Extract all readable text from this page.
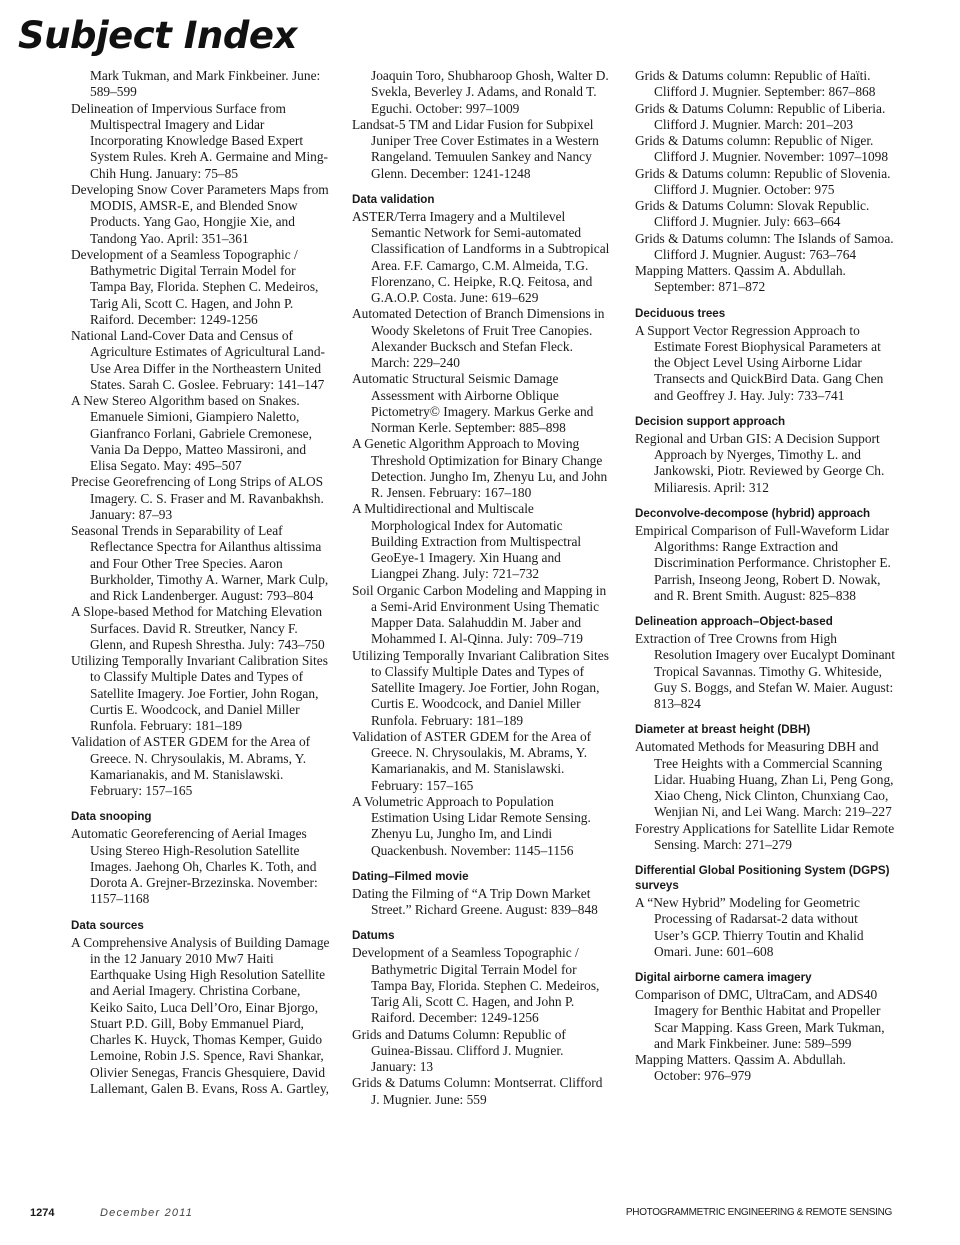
Subject Index

Mark Tukman, and Mark Finkbeiner. June: 589–599

Delineation of Impervious Surface from Multispectral Imagery and Lidar Incorporating Knowledge Based Expert System Rules. Kreh A. Germaine and Ming-Chih Hung. January: 75–85

Developing Snow Cover Parameters Maps from MODIS, AMSR-E, and Blended Snow Products. Yang Gao, Hongjie Xie, and Tandong Yao. April: 351–361

Development of a Seamless Topographic / Bathymetric Digital Terrain Model for Tampa Bay, Florida. Stephen C. Medeiros, Tarig Ali, Scott C. Hagen, and John P. Raiford. December: 1249-1256

National Land-Cover Data and Census of Agriculture Estimates of Agricultural Land-Use Area Differ in the Northeastern United States. Sarah C. Goslee. February: 141–147

A New Stereo Algorithm based on Snakes. Emanuele Simioni, Giampiero Naletto, Gianfranco Forlani, Gabriele Cremonese, Vania Da Deppo, Matteo Massironi, and Elisa Segato. May: 495–507

Precise Georefrencing of Long Strips of ALOS Imagery. C. S. Fraser and M. Ravanbakhsh. January: 87–93

Seasonal Trends in Separability of Leaf Reflectance Spectra for Ailanthus altissima and Four Other Tree Species. Aaron Burkholder, Timothy A. Warner, Mark Culp, and Rick Landenberger. August: 793–804

A Slope-based Method for Matching Elevation Surfaces. David R. Streutker, Nancy F. Glenn, and Rupesh Shrestha. July: 743–750

Utilizing Temporally Invariant Calibration Sites to Classify Multiple Dates and Types of Satellite Imagery. Joe Fortier, John Rogan, Curtis E. Woodcock, and Daniel Miller Runfola. February: 181–189

Validation of ASTER GDEM for the Area of Greece. N. Chrysoulakis, M. Abrams, Y. Kamarianakis, and M. Stanislawski. February: 157–165

Data snooping

Automatic Georeferencing of Aerial Images Using Stereo High-Resolution Satellite Images. Jaehong Oh, Charles K. Toth, and Dorota A. Grejner-Brzezinska. November: 1157–1168

Data sources

A Comprehensive Analysis of Building Damage in the 12 January 2010 Mw7 Haiti Earthquake Using High Resolution Satellite and Aerial Imagery. Christina Corbane, Keiko Saito, Luca Dell’Oro, Einar Bjorgo, Stuart P.D. Gill, Boby Emmanuel Piard, Charles K. Huyck, Thomas Kemper, Guido Lemoine, Robin J.S. Spence, Ravi Shankar, Olivier Senegas, Francis Ghesquiere, David Lallemant, Galen B. Evans, Ross A. Gartley,

Joaquin Toro, Shubharoop Ghosh, Walter D. Svekla, Beverley J. Adams, and Ronald T. Eguchi. October: 997–1009

Landsat-5 TM and Lidar Fusion for Subpixel Juniper Tree Cover Estimates in a Western Rangeland. Temuulen Sankey and Nancy Glenn. December: 1241-1248

Data validation

ASTER/Terra Imagery and a Multilevel Semantic Network for Semi-automated Classification of Landforms in a Subtropical Area. F.F. Camargo, C.M. Almeida, T.G. Florenzano, C. Heipke, R.Q. Feitosa, and G.A.O.P. Costa. June: 619–629

Automated Detection of Branch Dimensions in Woody Skeletons of Fruit Tree Canopies. Alexander Bucksch and Stefan Fleck. March: 229–240

Automatic Structural Seismic Damage Assessment with Airborne Oblique Pictometry© Imagery. Markus Gerke and Norman Kerle. September: 885–898

A Genetic Algorithm Approach to Moving Threshold Optimization for Binary Change Detection. Jungho Im, Zhenyu Lu, and John R. Jensen. February: 167–180

A Multidirectional and Multiscale Morphological Index for Automatic Building Extraction from Multispectral GeoEye-1 Imagery. Xin Huang and Liangpei Zhang. July: 721–732

Soil Organic Carbon Modeling and Mapping in a Semi-Arid Environment Using Thematic Mapper Data. Salahuddin M. Jaber and Mohammed I. Al-Qinna. July: 709–719

Utilizing Temporally Invariant Calibration Sites to Classify Multiple Dates and Types of Satellite Imagery. Joe Fortier, John Rogan, Curtis E. Woodcock, and Daniel Miller Runfola. February: 181–189

Validation of ASTER GDEM for the Area of Greece. N. Chrysoulakis, M. Abrams, Y. Kamarianakis, and M. Stanislawski. February: 157–165

A Volumetric Approach to Population Estimation Using Lidar Remote Sensing. Zhenyu Lu, Jungho Im, and Lindi Quackenbush. November: 1145–1156

Dating–Filmed movie

Dating the Filming of “A Trip Down Market Street.” Richard Greene. August: 839–848

Datums

Development of a Seamless Topographic / Bathymetric Digital Terrain Model for Tampa Bay, Florida. Stephen C. Medeiros, Tarig Ali, Scott C. Hagen, and John P. Raiford. December: 1249-1256

Grids and Datums Column: Republic of Guinea-Bissau. Clifford J. Mugnier. January: 13

Grids & Datums Column: Montserrat. Clifford J. Mugnier. June: 559

Grids & Datums column: Republic of Haïti. Clifford J. Mugnier. September: 867–868

Grids & Datums Column: Republic of Liberia. Clifford J. Mugnier. March: 201–203

Grids & Datums column: Republic of Niger. Clifford J. Mugnier. November: 1097–1098

Grids & Datums column: Republic of Slovenia. Clifford J. Mugnier. October: 975

Grids & Datums Column: Slovak Republic. Clifford J. Mugnier. July: 663–664

Grids & Datums column: The Islands of Samoa. Clifford J. Mugnier. August: 763–764

Mapping Matters. Qassim A. Abdullah. September: 871–872

Deciduous trees

A Support Vector Regression Approach to Estimate Forest Biophysical Parameters at the Object Level Using Airborne Lidar Transects and QuickBird Data. Gang Chen and Geoffrey J. Hay. July: 733–741

Decision support approach

Regional and Urban GIS: A Decision Support Approach by Nyerges, Timothy L. and Jankowski, Piotr. Reviewed by George Ch. Miliaresis. April: 312

Deconvolve-decompose (hybrid) approach

Empirical Comparison of Full-Waveform Lidar Algorithms: Range Extraction and Discrimination Performance. Christopher E. Parrish, Inseong Jeong, Robert D. Nowak, and R. Brent Smith. August: 825–838

Delineation approach–Object-based

Extraction of Tree Crowns from High Resolution Imagery over Eucalypt Dominant Tropical Savannas. Timothy G. Whiteside, Guy S. Boggs, and Stefan W. Maier. August: 813–824

Diameter at breast height (DBH)

Automated Methods for Measuring DBH and Tree Heights with a Commercial Scanning Lidar. Huabing Huang, Zhan Li, Peng Gong, Xiao Cheng, Nick Clinton, Chunxiang Cao, Wenjian Ni, and Lei Wang. March: 219–227

Forestry Applications for Satellite Lidar Remote Sensing. March: 271–279

Differential Global Positioning System (DGPS) surveys

A “New Hybrid” Modeling for Geometric Processing of Radarsat-2 data without User’s GCP. Thierry Toutin and Khalid Omari. June: 601–608

Digital airborne camera imagery

Comparison of DMC, UltraCam, and ADS40 Imagery for Benthic Habitat and Propeller Scar Mapping. Kass Green, Mark Tukman, and Mark Finkbeiner. June: 589–599

Mapping Matters. Qassim A. Abdullah. October: 976–979

1274	December 2011	PHOTOGRAMMETRIC ENGINEERING & REMOTE SENSING
